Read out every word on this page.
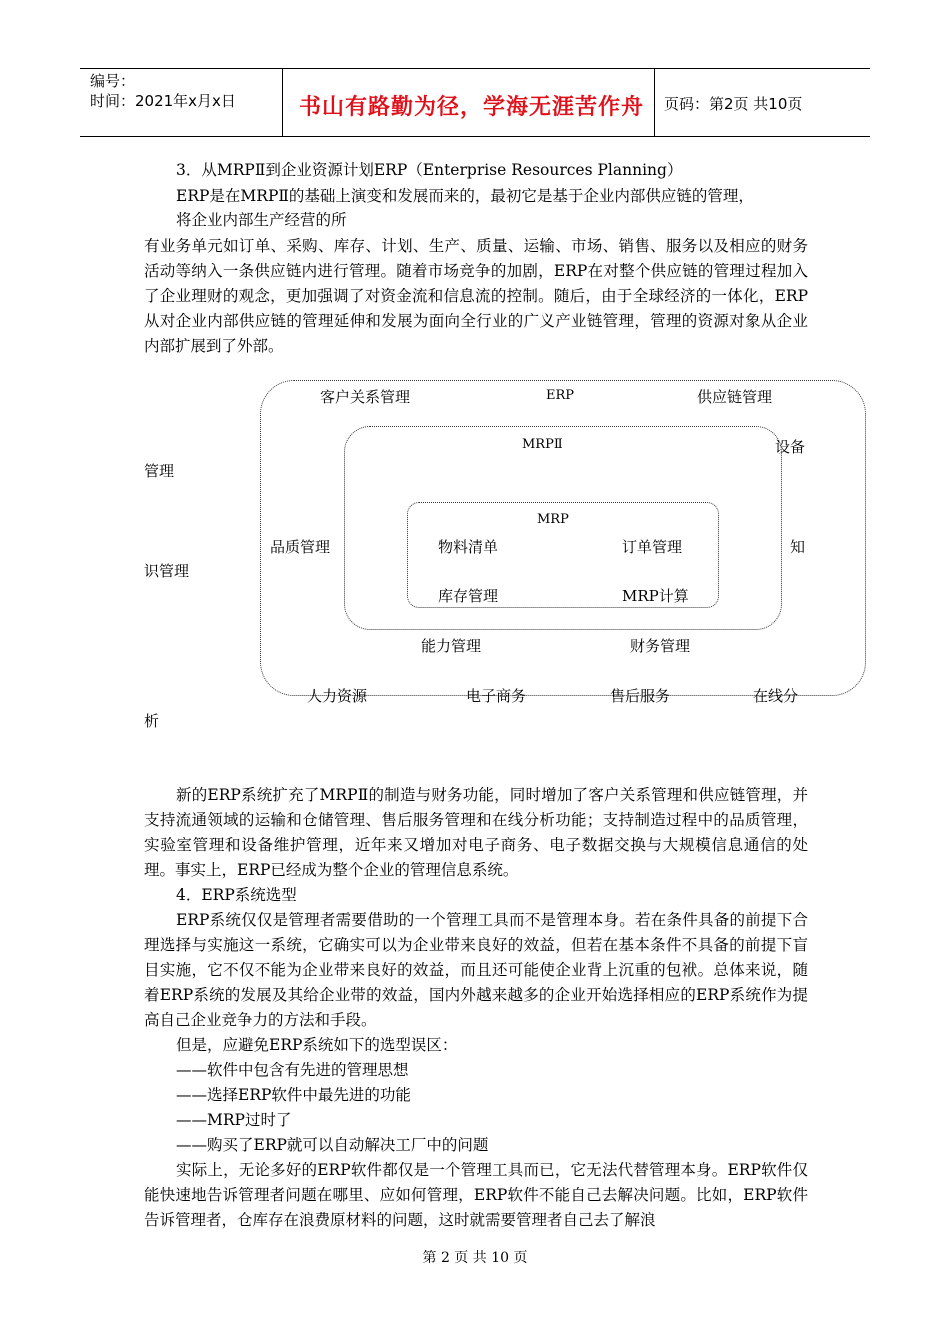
编号：
时间：2021年x月x日	书山有路勤为径，学海无涯苦作舟 页码：第2页 共10页
3．从MRPⅡ到企业资源计划ERP（Enterprise Resources Planning）
ERP是在MRPⅡ的基础上演变和发展而来的，最初它是基于企业内部供应链的管理，
将企业内部生产经营的所
有业务单元如订单、采购、库存、计划、生产、质量、运输、市场、销售、服务以及相应的财务活动等纳入一条供应链内进行管理。随着市场竞争的加剧，ERP在对整个供应链的管理过程加入了企业理财的观念，更加强调了对资金流和信息流的控制。随后，由于全球经济的一体化，ERP从对企业内部供应链的管理延伸和发展为面向全行业的广义产业链管理，管理的资源对象从企业内部扩展到了外部。
客户关系管理	ERP	供应链管理
MRPⅡ	设备
管理
MRP
品质管理	物料清单	订单管理	知
识管理
库存管理	MRP计算
能力管理	财务管理
人力资源	电子商务	售后服务	在线分
析
新的ERP系统扩充了MRPⅡ的制造与财务功能，同时增加了客户关系管理和供应链管理，并支持流通领域的运输和仓储管理、售后服务管理和在线分析功能；支持制造过程中的品质管理，实验室管理和设备维护管理，近年来又增加对电子商务、电子数据交换与大规模信息通信的处理。事实上，ERP已经成为整个企业的管理信息系统。
4．ERP系统选型
ERP系统仅仅是管理者需要借助的一个管理工具而不是管理本身。若在条件具备的前提下合理选择与实施这一系统，它确实可以为企业带来良好的效益，但若在基本条件不具备的前提下盲目实施，它不仅不能为企业带来良好的效益，而且还可能使企业背上沉重的包袱。总体来说，随着ERP系统的发展及其给企业带的效益，国内外越来越多的企业开始选择相应的ERP系统作为提高自己企业竞争力的方法和手段。
但是，应避免ERP系统如下的选型误区：
——软件中包含有先进的管理思想
——选择ERP软件中最先进的功能
——MRP过时了
——购买了ERP就可以自动解决工厂中的问题
实际上，无论多好的ERP软件都仅是一个管理工具而已，它无法代替管理本身。ERP软件仅能快速地告诉管理者问题在哪里、应如何管理，ERP软件不能自己去解决问题。比如，ERP软件告诉管理者，仓库存在浪费原材料的问题，这时就需要管理者自己去了解浪
第 2 页 共 10 页
